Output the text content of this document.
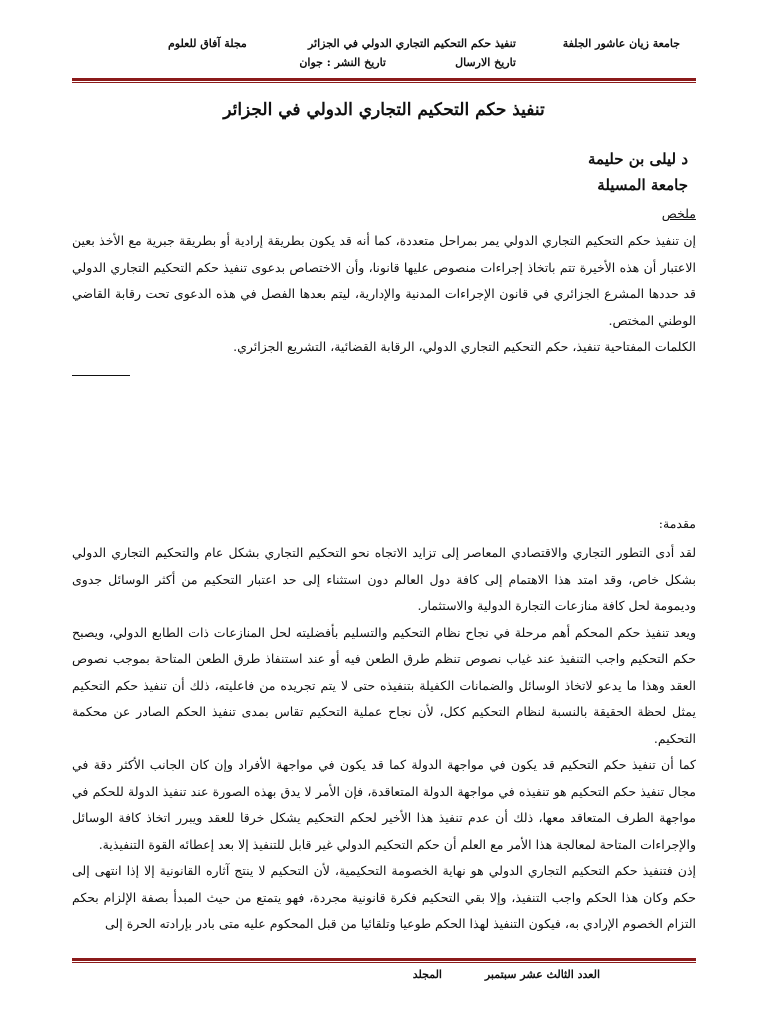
جامعة زيان عاشور الجلفة
تنفيذ حكم التحكيم التجاري الدولي في الجزائر
مجلة آفاق للعلوم
تاريخ الارسال
تاريخ النشر : جوان
تنفيذ حكم التحكيم التجاري الدولي في الجزائر
د ليلى بن حليمة
جامعة المسيلة
ملخص

إن تنفيذ حكم التحكيم التجاري الدولي يمر بمراحل متعددة، كما أنه قد يكون بطريقة إرادية أو بطريقة جبرية مع الأخذ بعين الاعتبار أن هذه الأخيرة تتم باتخاذ إجراءات منصوص عليها قانونا، وأن الاختصاص بدعوى تنفيذ حكم التحكيم التجاري الدولي قد حددها المشرع الجزائري في قانون الإجراءات المدنية والإدارية، ليتم بعدها الفصل في هذه الدعوى تحت رقابة القاضي الوطني المختص.

الكلمات المفتاحية تنفيذ، حكم التحكيم التجاري الدولي، الرقابة القضائية، التشريع الجزائري.

مقدمة:

لقد أدى التطور التجاري والاقتصادي المعاصر إلى تزايد الاتجاه نحو التحكيم التجاري بشكل عام والتحكيم التجاري الدولي بشكل خاص، وقد امتد هذا الاهتمام إلى كافة دول العالم دون استثناء إلى حد اعتبار التحكيم من أكثر الوسائل جدوى وديمومة لحل كافة منازعات التجارة الدولية والاستثمار.

ويعد تنفيذ حكم المحكم أهم مرحلة في نجاح نظام التحكيم والتسليم بأفضليته لحل المنازعات ذات الطابع الدولي، ويصبح حكم التحكيم واجب التنفيذ عند غياب نصوص تنظم طرق الطعن فيه أو عند استنفاذ طرق الطعن المتاحة بموجب نصوص العقد وهذا ما يدعو لاتخاذ الوسائل والضمانات الكفيلة بتنفيذه حتى لا يتم تجريده من فاعليته، ذلك أن تنفيذ حكم التحكيم يمثل لحظة الحقيقة بالنسبة لنظام التحكيم ككل، لأن نجاح عملية التحكيم تقاس بمدى تنفيذ الحكم الصادر عن محكمة التحكيم.

كما أن تنفيذ حكم التحكيم قد يكون في مواجهة الدولة كما قد يكون في مواجهة الأفراد وإن كان الجانب الأكثر دقة في مجال تنفيذ حكم التحكيم هو تنفيذه في مواجهة الدولة المتعاقدة، فإن الأمر لا يدق بهذه الصورة عند تنفيذ الدولة للحكم في مواجهة الطرف المتعاقد معها، ذلك أن عدم تنفيذ هذا الأخير لحكم التحكيم يشكل خرقا للعقد ويبرر اتخاذ كافة الوسائل والإجراءات المتاحة لمعالجة هذا الأمر مع العلم أن حكم التحكيم الدولي غير قابل للتنفيذ إلا بعد إعطائه القوة التنفيذية.

إذن فتنفيذ حكم التحكيم التجاري الدولي هو نهاية الخصومة التحكيمية، لأن التحكيم لا ينتج آثاره القانونية إلا إذا انتهى إلى حكم وكان هذا الحكم واجب التنفيذ، وإلا بقي التحكيم فكرة قانونية مجردة، فهو يتمتع من حيث المبدأ بصفة الإلزام بحكم التزام الخصوم الإرادي به، فيكون التنفيذ لهذا الحكم طوعيا وتلقائيا من قبل المحكوم عليه متى بادر بإرادته الحرة إلى

العدد الثالث عشر سبتمبر
المجلد
